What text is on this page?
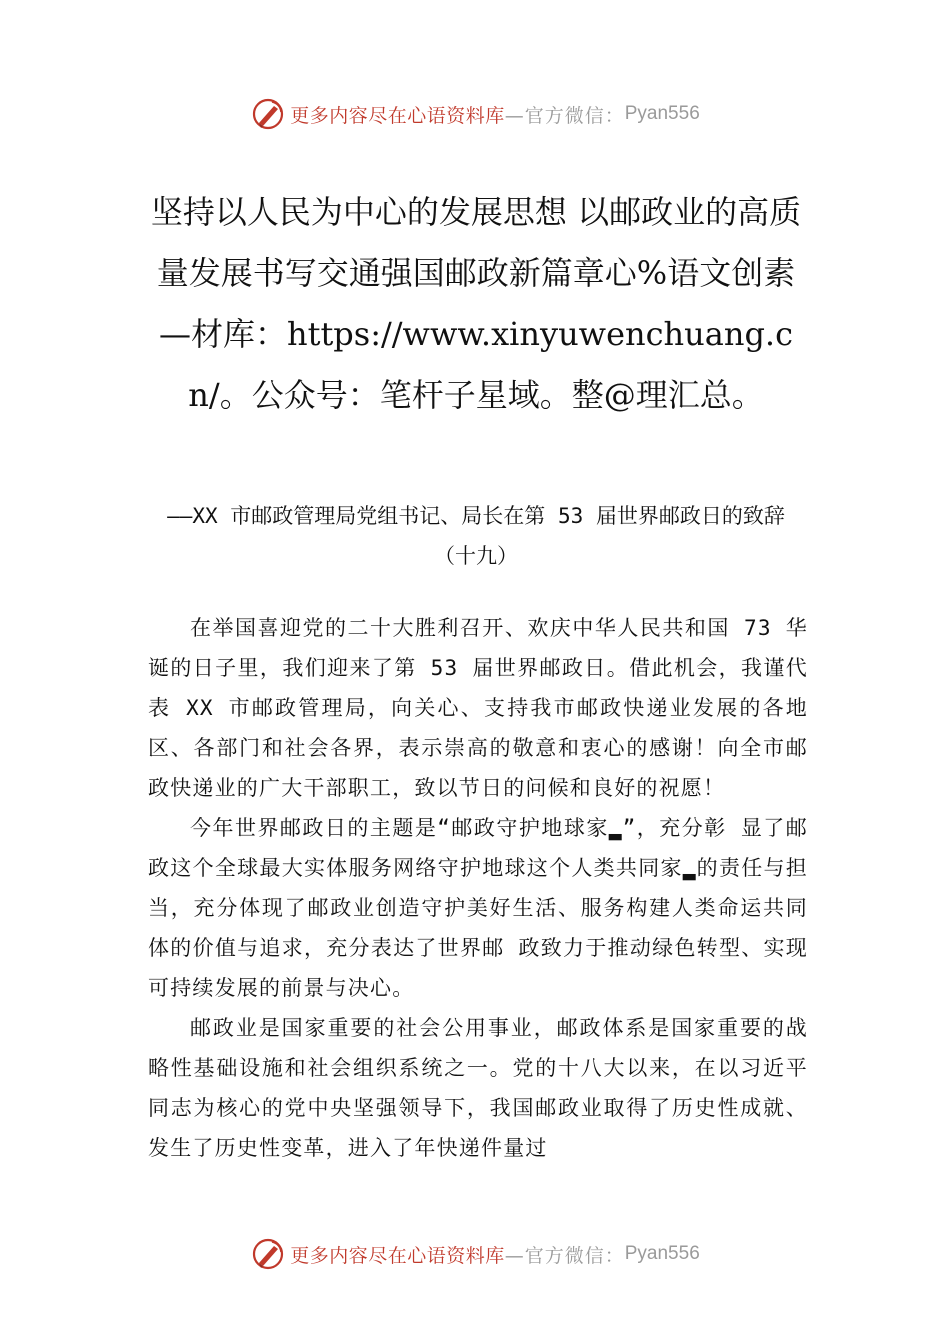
更多内容尽在心语资料库 —官方微信： Pyan556
坚持以人民为中心的发展思想 以邮政业的高质量发展书写交通强国邮政新篇章心%语文创素—材库：https://www.xinyuwenchuang.cn/。公众号：笔杆子星域。整@理汇总。

——XX 市邮政管理局党组书记、局长在第 53 届世界邮政日的致辞（十九）

在举国喜迎党的二十大胜利召开、欢庆中华人民共和国 73 华诞的日子里，我们迎来了第 53 届世界邮政日。借此机会，我谨代表 XX 市邮政管理局，向关心、支持我市邮政快递业发展的各地区、各部门和社会各界，表示崇高的敬意和衷心的感谢！向全市邮政快递业的广大干部职工，致以节日的问候和良好的祝愿！

今年世界邮政日的主题是“邮政守护地球家▂”，充分彰 显了邮政这个全球最大实体服务网络守护地球这个人类共同家▂的责任与担当，充分体现了邮政业创造守护美好生活、服务构建人类命运共同体的价值与追求，充分表达了世界邮 政致力于推动绿色转型、实现可持续发展的前景与决心。

邮政业是国家重要的社会公用事业，邮政体系是国家重要的战略性基础设施和社会组织系统之一。党的十八大以来，在以习近平同志为核心的党中央坚强领导下，我国邮政业取得了历史性成就、发生了历史性变革，进入了年快递件量过

更多内容尽在心语资料库 —官方微信： Pyan556
